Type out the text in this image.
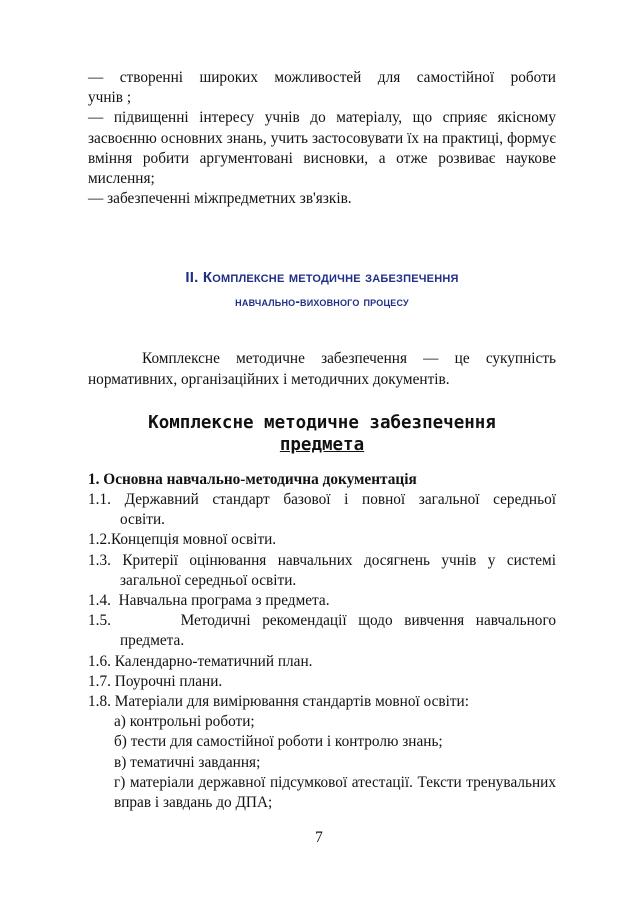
— створенні широких можливостей для самостійної роботи

учнів ;

— підвищенні інтересу учнів до матеріалу, що сприяє якісному засвоєнню основних знань, учить застосовувати їх на практиці, формує вміння робити аргументовані висновки, а отже розвиває наукове мислення;

— забезпеченні міжпредметних зв'язків.

ІІ. Комплексне методичне забезпечення
навчально-виховного процесу

Комплексне методичне забезпечення — це сукупність нормативних, організаційних і методичних документів.

Комплексне методичне забезпечення
предмета

1. Основна навчально-методична документація

1.1. Державний стандарт базової і повної загальної середньої

освіти.

1.2.Концепція мовної освіти.

1.3. Критерії оцінювання навчальних досягнень учнів у системі

загальної середньої освіти.

1.4. Навчальна програма з предмета.

1.5.	Методичні рекомендації щодо вивчення навчального

предмета.

1.6. Календарно-тематичний план.

1.7. Поурочні плани.

1.8. Матеріали для вимірювання стандартів мовної освіти:

а) контрольні роботи;

б) тести для самостійної роботи і контролю знань;

в) тематичні завдання;

г) матеріали державної підсумкової атестації. Тексти тренувальних вправ і завдань до ДПА;

7
